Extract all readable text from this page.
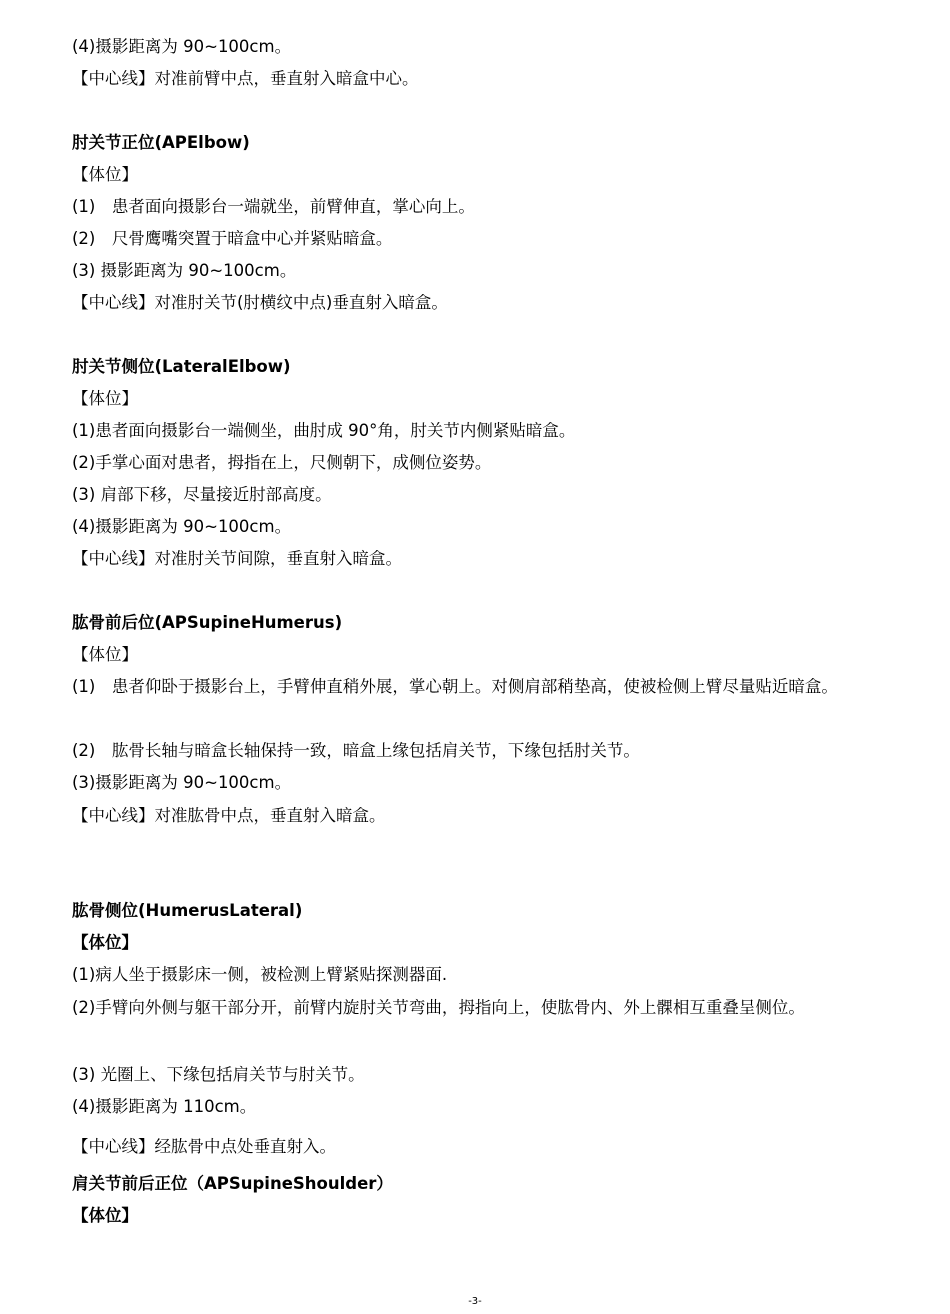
(4)摄影距离为 90~100cm。
【中心线】对准前臂中点，垂直射入暗盒中心。
肘关节正位(APElbow)
【体位】
(1)　患者面向摄影台一端就坐，前臂伸直，掌心向上。
(2)　尺骨鹰嘴突置于暗盒中心并紧贴暗盒。
(3) 摄影距离为 90~100cm。
【中心线】对准肘关节(肘横纹中点)垂直射入暗盒。
肘关节侧位(LateralElbow)
【体位】
(1)患者面向摄影台一端侧坐，曲肘成 90°角，肘关节内侧紧贴暗盒。
(2)手掌心面对患者，拇指在上，尺侧朝下，成侧位姿势。
(3) 肩部下移，尽量接近肘部高度。
(4)摄影距离为 90~100cm。
【中心线】对准肘关节间隙，垂直射入暗盒。
肱骨前后位(APSupineHumerus)
【体位】
(1)　患者仰卧于摄影台上，手臂伸直稍外展，掌心朝上。对侧肩部稍垫高，使被检侧上臂尽量贴近暗盒。
(2)　肱骨长轴与暗盒长轴保持一致，暗盒上缘包括肩关节，下缘包括肘关节。
(3)摄影距离为 90~100cm。
【中心线】对准肱骨中点，垂直射入暗盒。
肱骨侧位(HumerusLateral)
【体位】
(1)病人坐于摄影床一侧，被检测上臂紧贴探测器面.
(2)手臂向外侧与躯干部分开，前臂内旋肘关节弯曲，拇指向上，使肱骨内、外上髁相互重叠呈侧位。
(3) 光圈上、下缘包括肩关节与肘关节。
(4)摄影距离为 110cm。
【中心线】经肱骨中点处垂直射入。
肩关节前后正位（APSupineShoulder）
【体位】
-3-
